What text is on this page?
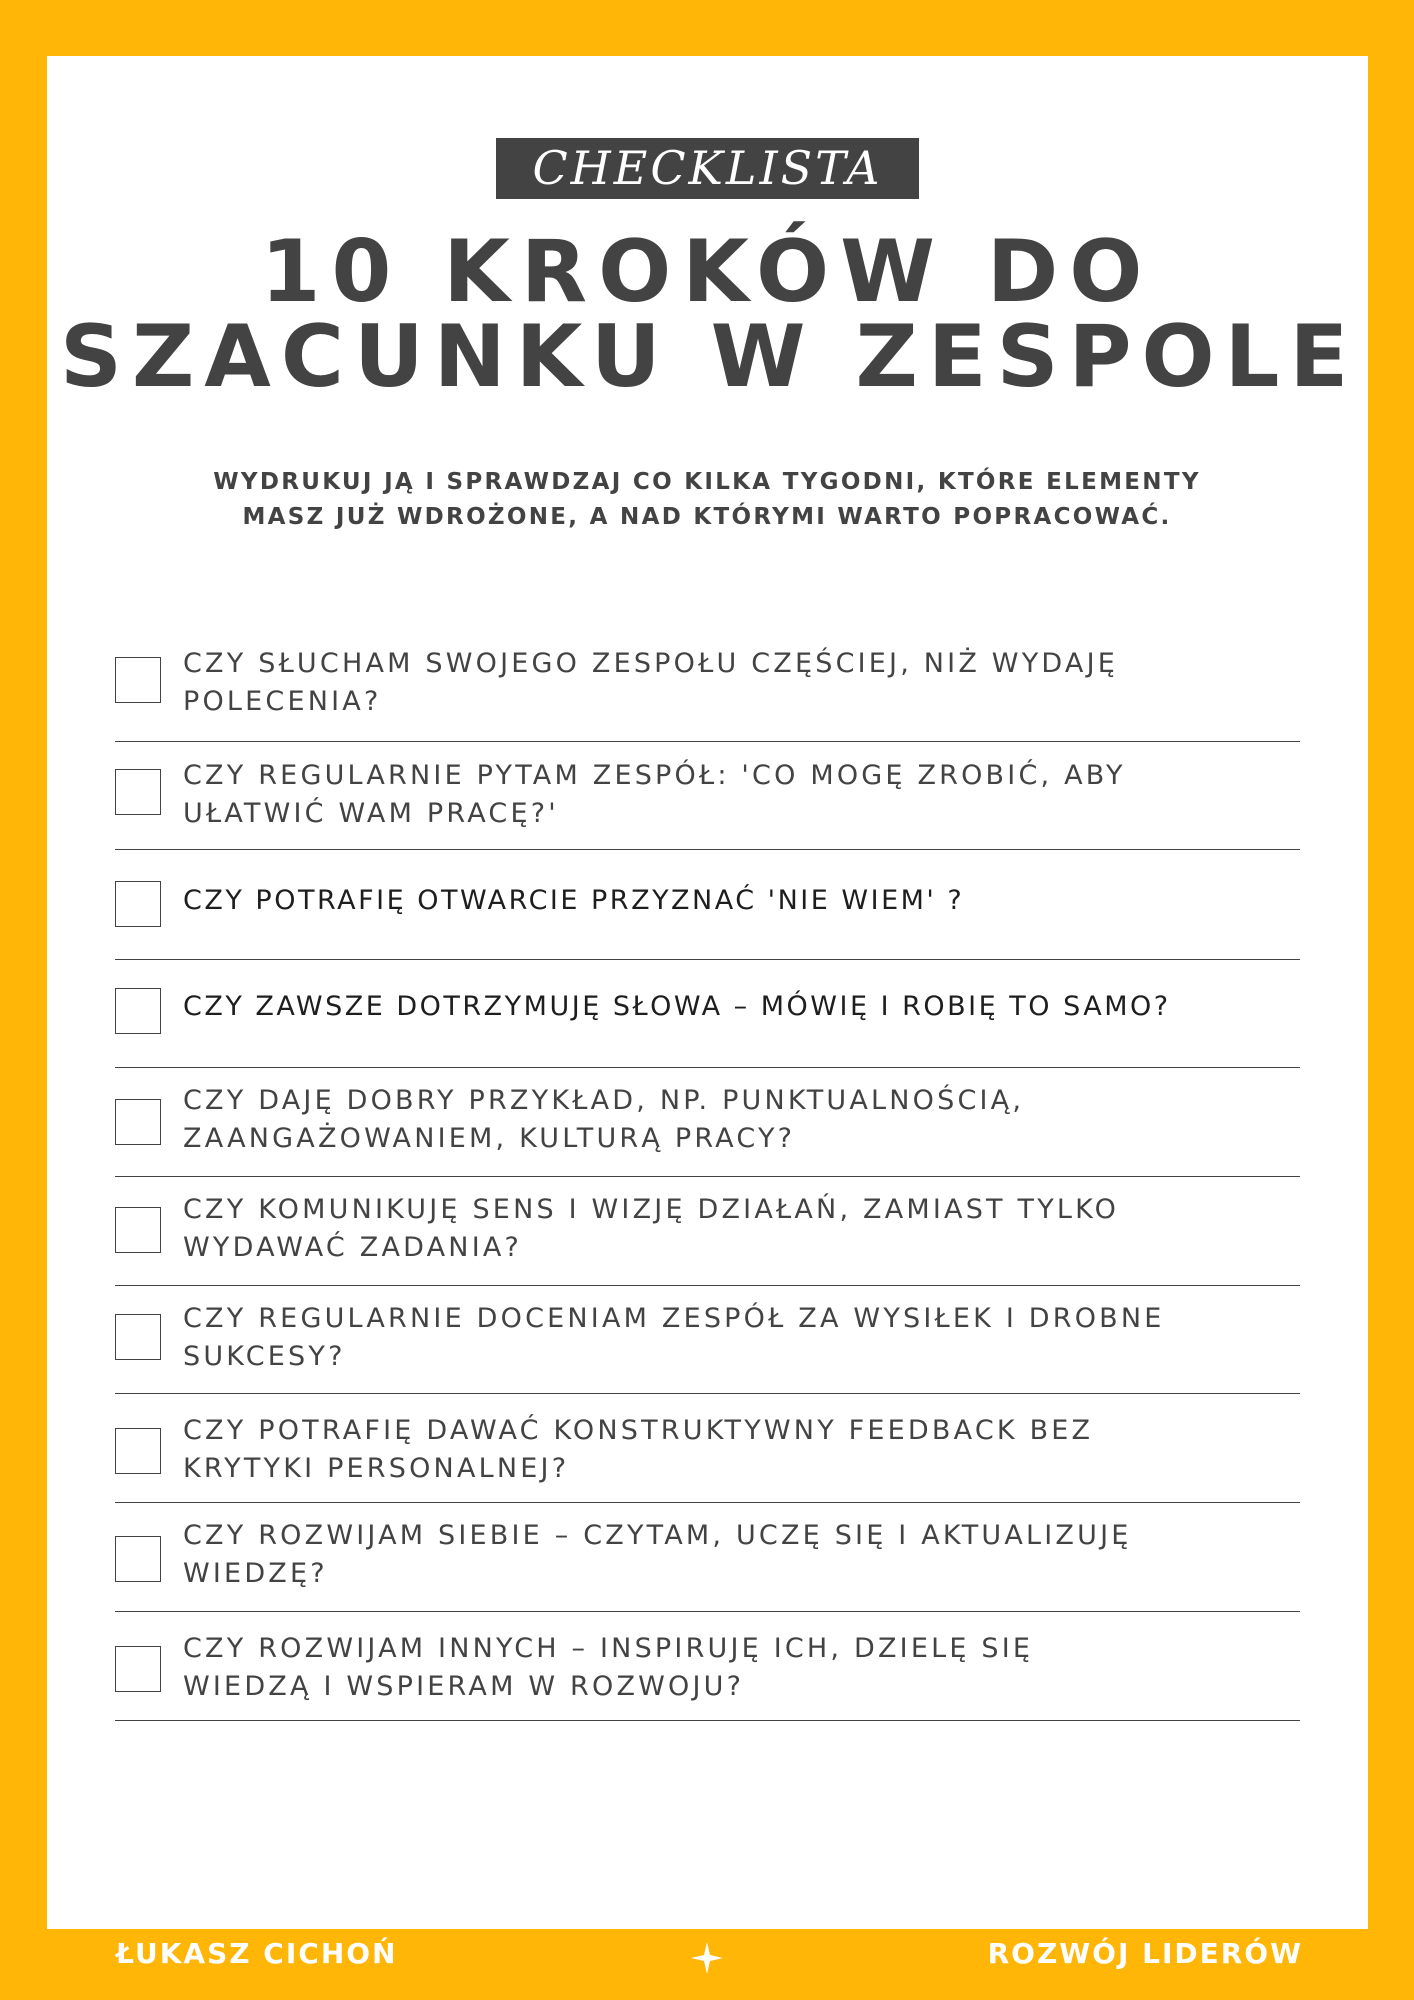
CHECKLISTA
10 KROKÓW DO
SZACUNKU W ZESPOLE

WYDRUKUJ JĄ I SPRAWDZAJ CO KILKA TYGODNI, KTÓRE ELEMENTY

MASZ JUŻ WDROŻONE, A NAD KTÓRYMI WARTO POPRACOWAĆ.

CZY SŁUCHAM SWOJEGO ZESPOŁU CZĘŚCIEJ, NIŻ WYDAJĘ
POLECENIA?
CZY REGULARNIE PYTAM ZESPÓŁ: 'CO MOGĘ ZROBIĆ, ABY
UŁATWIĆ WAM PRACĘ?'
CZY POTRAFIĘ OTWARCIE PRZYZNAĆ 'NIE WIEM' ?
CZY ZAWSZE DOTRZYMUJĘ SŁOWA – MÓWIĘ I ROBIĘ TO SAMO?
CZY DAJĘ DOBRY PRZYKŁAD, NP. PUNKTUALNOŚCIĄ,
ZAANGAŻOWANIEM, KULTURĄ PRACY?
CZY KOMUNIKUJĘ SENS I WIZJĘ DZIAŁAŃ, ZAMIAST TYLKO
WYDAWAĆ ZADANIA?
CZY REGULARNIE DOCENIAM ZESPÓŁ ZA WYSIŁEK I DROBNE
SUKCESY?
CZY POTRAFIĘ DAWAĆ KONSTRUKTYWNY FEEDBACK BEZ
KRYTYKI PERSONALNEJ?
CZY ROZWIJAM SIEBIE – CZYTAM, UCZĘ SIĘ I AKTUALIZUJĘ
WIEDZĘ?
CZY ROZWIJAM INNYCH – INSPIRUJĘ ICH, DZIELĘ SIĘ
WIEDZĄ I WSPIERAM W ROZWOJU?
ŁUKASZ CICHOŃ	ROZWÓJ LIDERÓW
